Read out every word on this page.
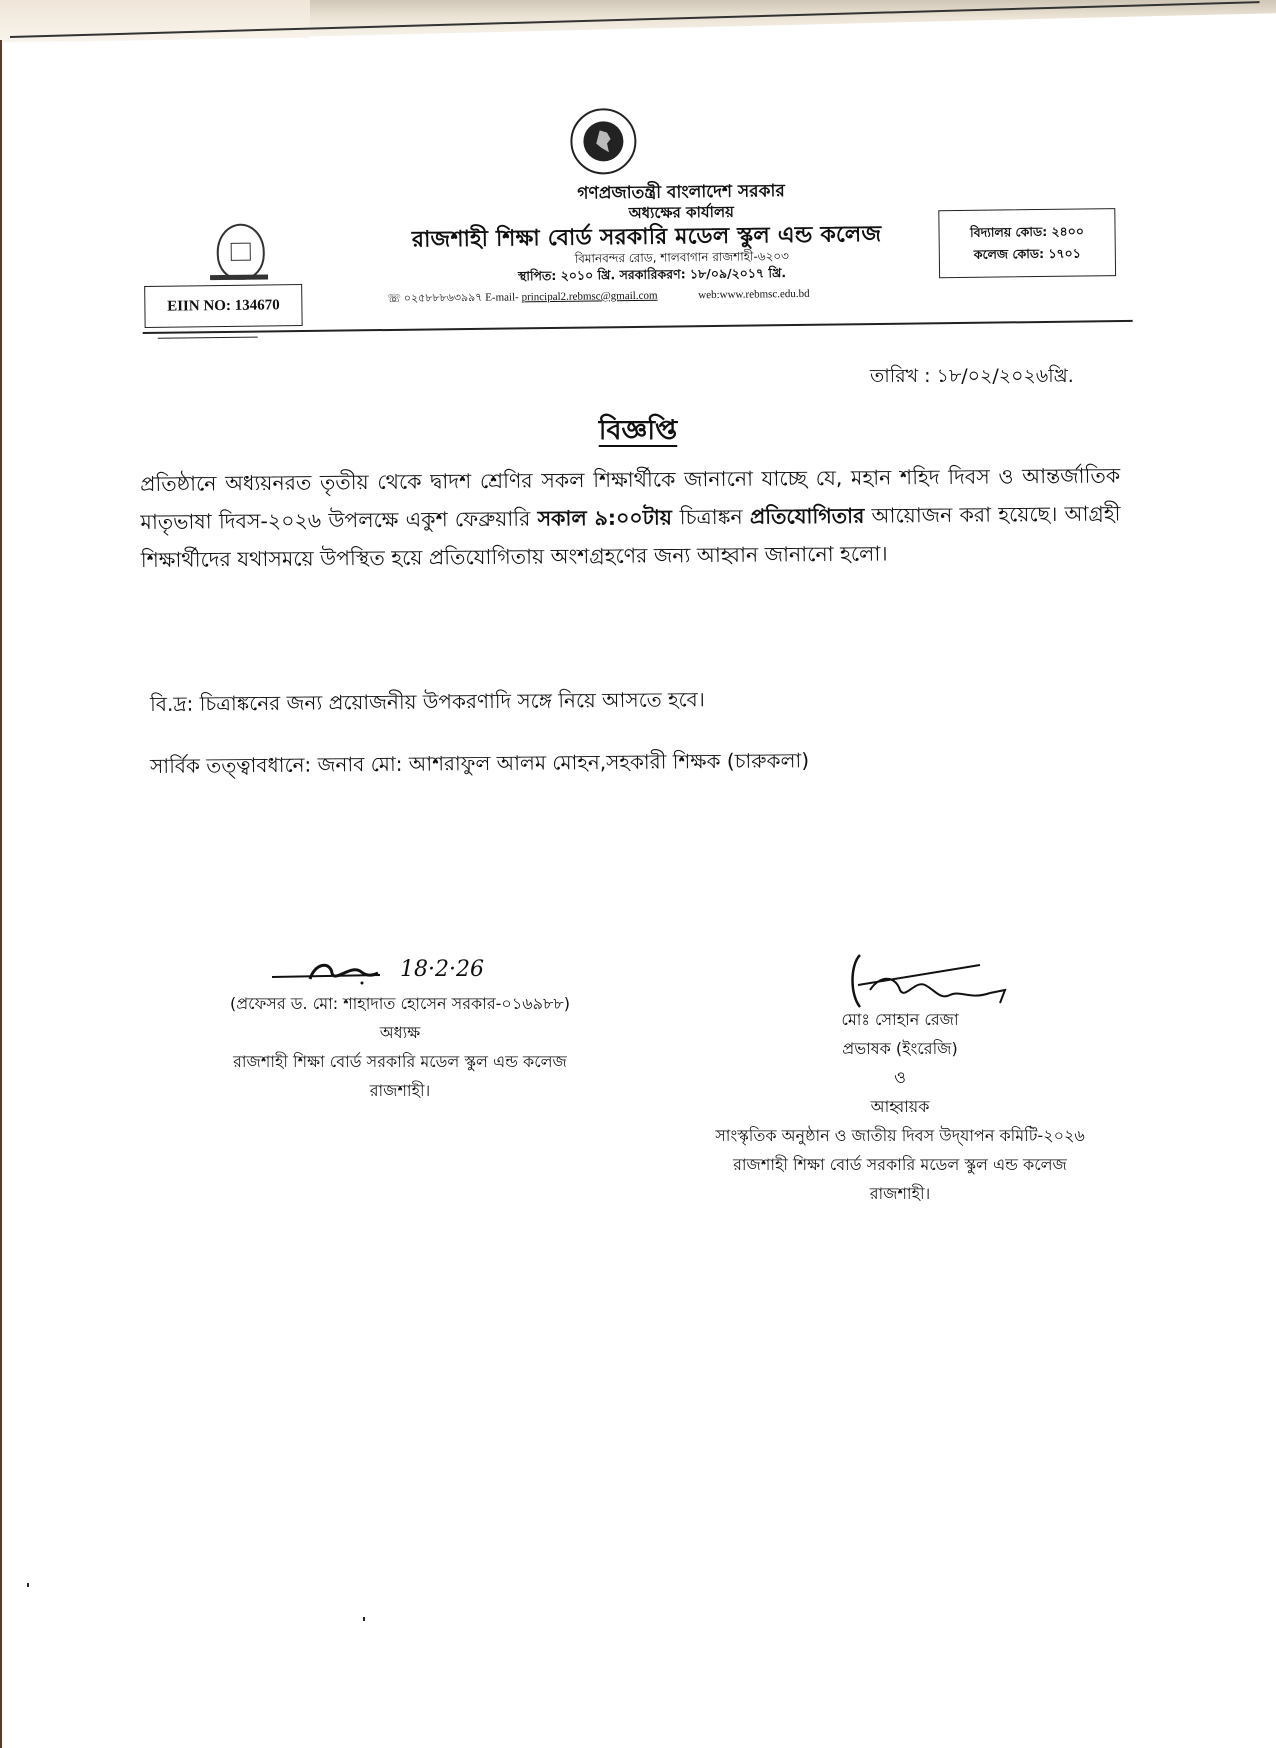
গণপ্রজাতন্ত্রী বাংলাদেশ সরকার
অধ্যক্ষের কার্যালয়
রাজশাহী শিক্ষা বোর্ড সরকারি মডেল স্কুল এন্ড কলেজ
বিমানবন্দর রোড, শালবাগান রাজশাহী-৬২০৩
স্থাপিত: ২০১০ খ্রি. সরকারিকরণ: ১৮/০৯/২০১৭ খ্রি.
☏ ০২৫৮৮৮৬৩৯৯৭ E-mail- principal2.rebmsc@gmail.com	web:www.rebmsc.edu.bd
EIIN NO: 134670
বিদ্যালয় কোড: ২৪০০
কলেজ কোড: ১৭০১
তারিখ : ১৮/০২/২০২৬খ্রি.
বিজ্ঞপ্তি
প্রতিষ্ঠানে অধ্যয়নরত তৃতীয় থেকে দ্বাদশ শ্রেণির সকল শিক্ষার্থীকে জানানো যাচ্ছে যে, মহান শহিদ দিবস ও আন্তর্জাতিক মাতৃভাষা দিবস-২০২৬ উপলক্ষে একুশ ফেব্রুয়ারি সকাল ৯:০০টায় চিত্রাঙ্কন প্রতিযোগিতার আয়োজন করা হয়েছে। আগ্রহী শিক্ষার্থীদের যথাসময়ে উপস্থিত হয়ে প্রতিযোগিতায় অংশগ্রহণের জন্য আহ্বান জানানো হলো।
বি.দ্র: চিত্রাঙ্কনের জন্য প্রয়োজনীয় উপকরণাদি সঙ্গে নিয়ে আসতে হবে।
সার্বিক তত্ত্বাবধানে: জনাব মো: আশরাফুল আলম মোহন,সহকারী শিক্ষক (চারুকলা)
18·2·26
(প্রফেসর ড. মো: শাহাদাত হোসেন সরকার-০১৬৯৮৮)
অধ্যক্ষ
রাজশাহী শিক্ষা বোর্ড সরকারি মডেল স্কুল এন্ড কলেজ
রাজশাহী।
মোঃ সোহান রেজা
প্রভাষক (ইংরেজি)
ও
আহ্বায়ক
সাংস্কৃতিক অনুষ্ঠান ও জাতীয় দিবস উদ্‌যাপন কমিটি-২০২৬
রাজশাহী শিক্ষা বোর্ড সরকারি মডেল স্কুল এন্ড কলেজ
রাজশাহী।
